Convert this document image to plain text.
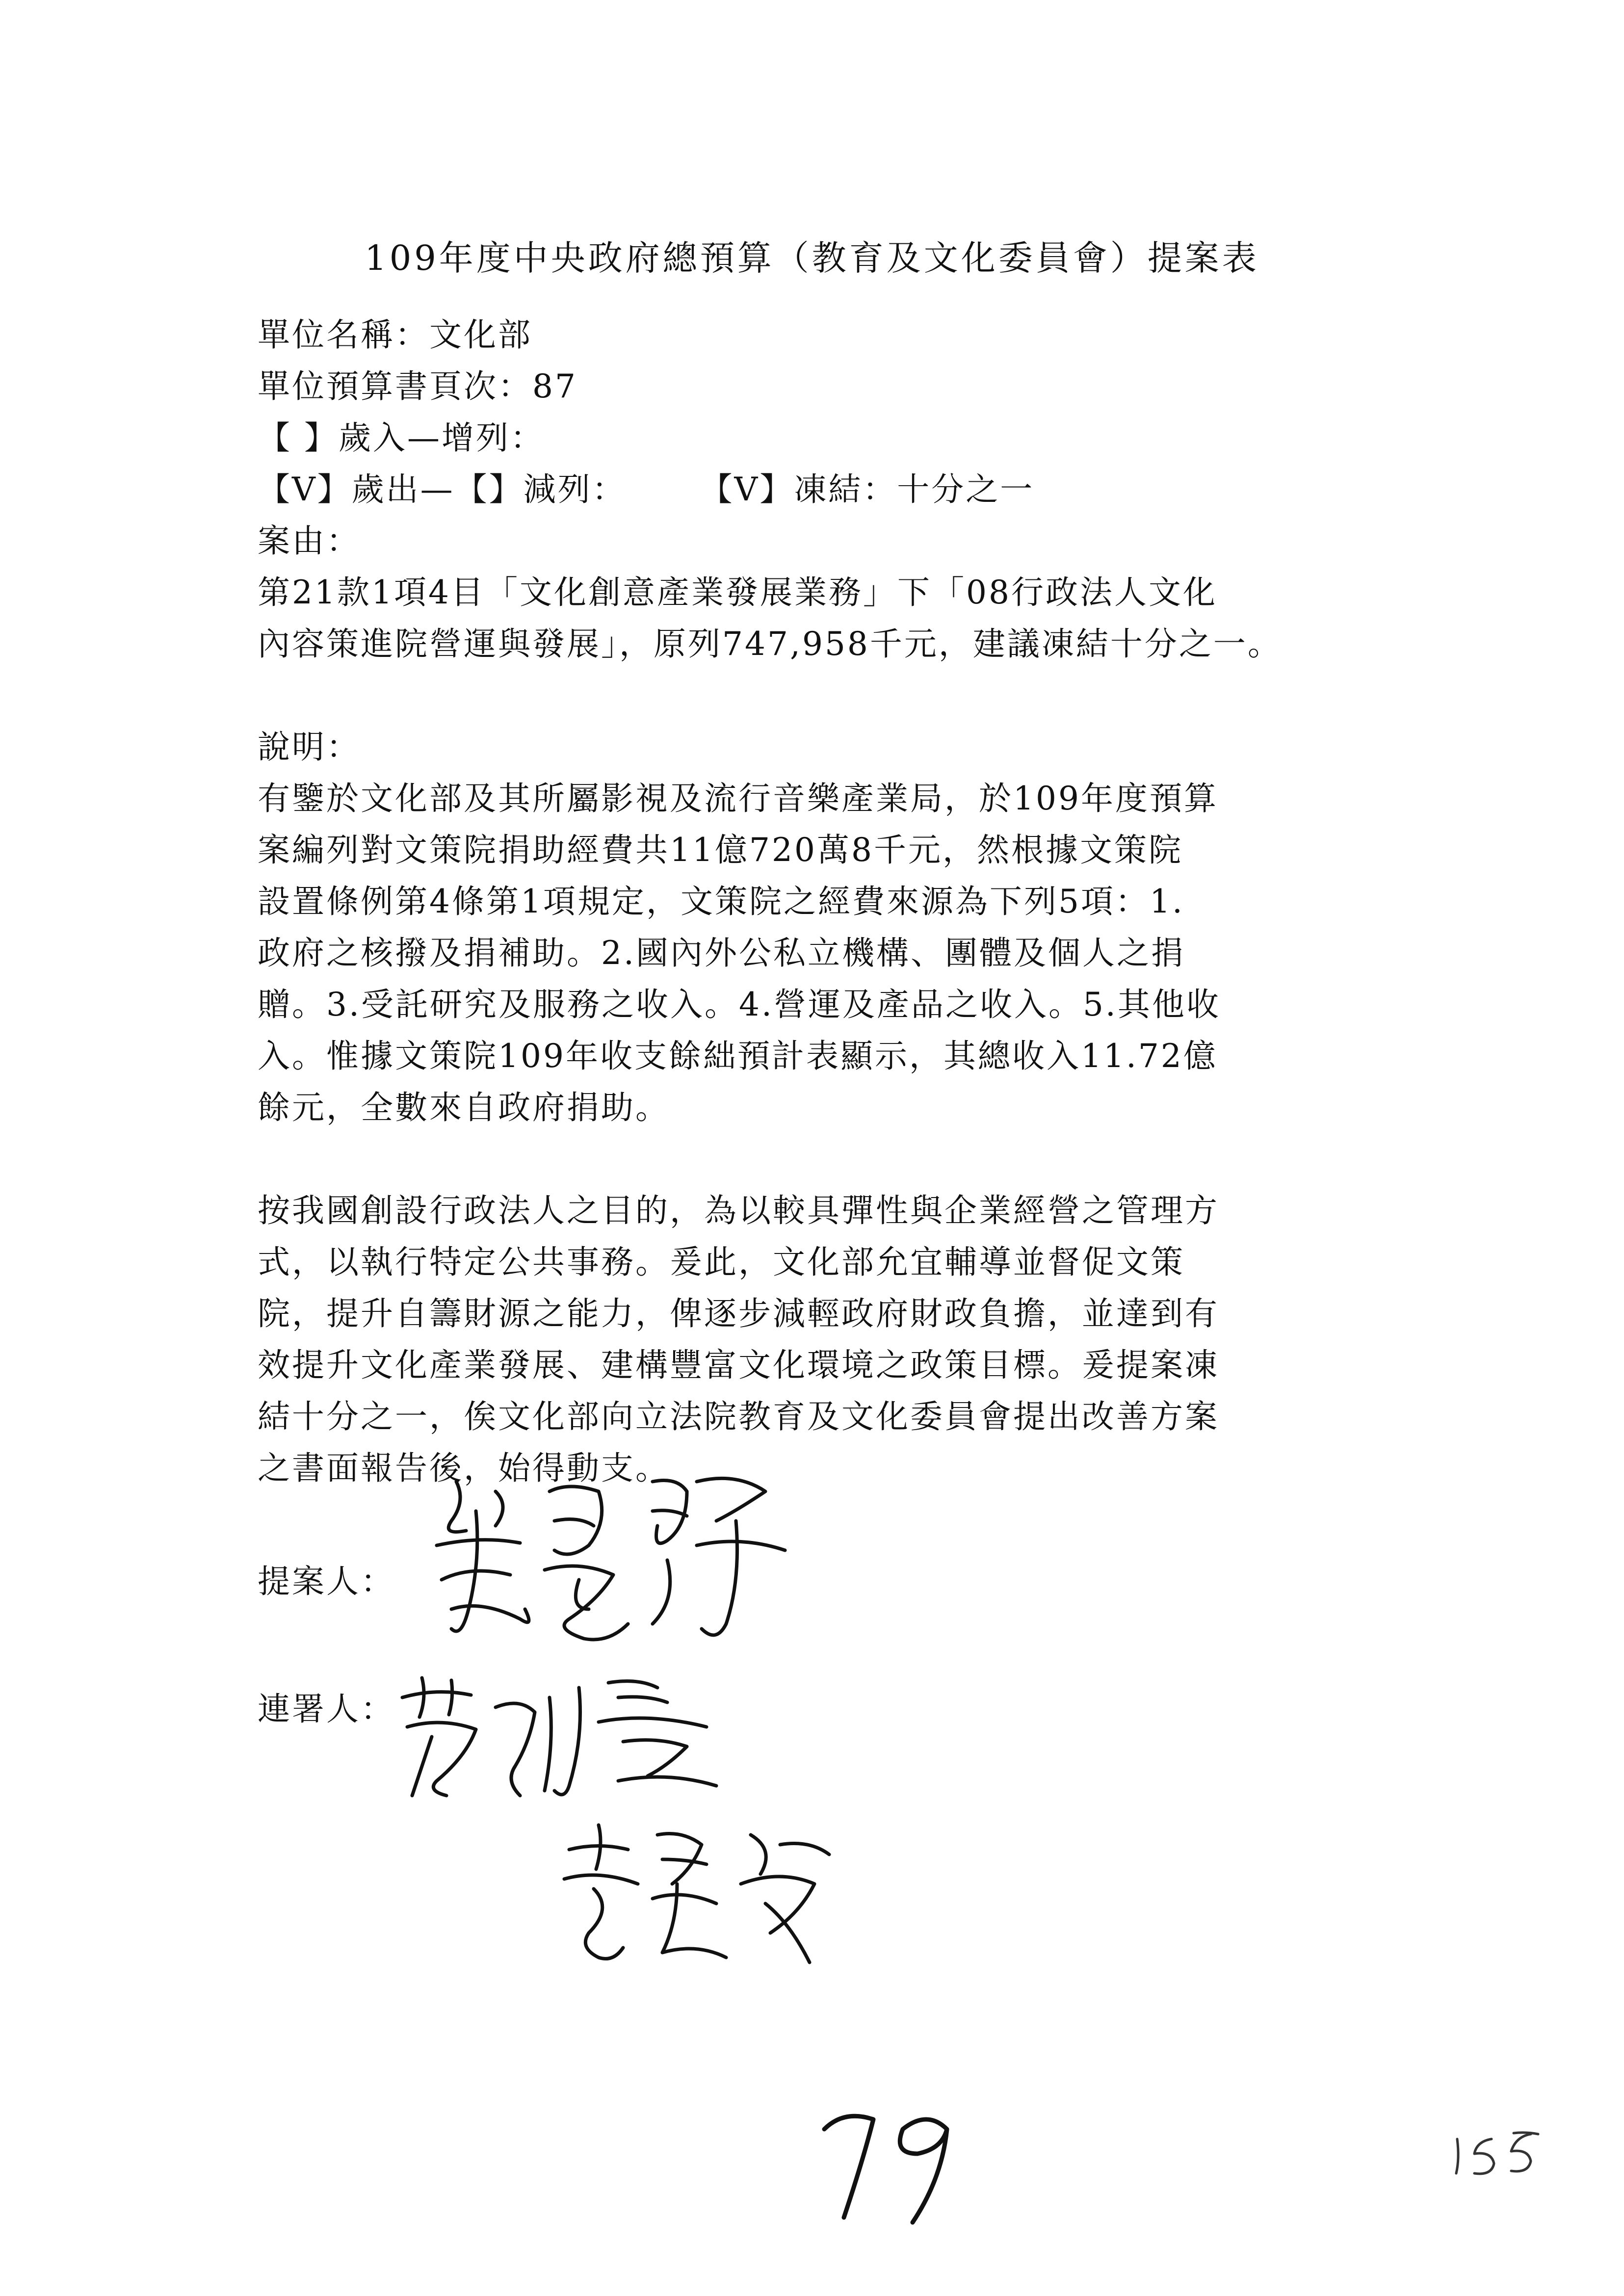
109年度中央政府總預算（教育及文化委員會）提案表
單位名稱：文化部
單位預算書頁次：87
【 】歲入—增列：
【V】歲出—【】減列： 【V】凍結：十分之一
案由：
第21款1項4目「文化創意產業發展業務」下「08行政法人文化
內容策進院營運與發展」，原列747,958千元，建議凍結十分之一。
說明：
有鑒於文化部及其所屬影視及流行音樂產業局，於109年度預算
案編列對文策院捐助經費共11億720萬8千元，然根據文策院
設置條例第4條第1項規定，文策院之經費來源為下列5項：1.
政府之核撥及捐補助。2.國內外公私立機構、團體及個人之捐
贈。3.受託研究及服務之收入。4.營運及產品之收入。5.其他收
入。惟據文策院109年收支餘絀預計表顯示，其總收入11.72億
餘元，全數來自政府捐助。
按我國創設行政法人之目的，為以較具彈性與企業經營之管理方
式，以執行特定公共事務。爰此，文化部允宜輔導並督促文策
院，提升自籌財源之能力，俾逐步減輕政府財政負擔，並達到有
效提升文化產業發展、建構豐富文化環境之政策目標。爰提案凍
結十分之一，俟文化部向立法院教育及文化委員會提出改善方案
之書面報告後，始得動支。
提案人：
連署人：
